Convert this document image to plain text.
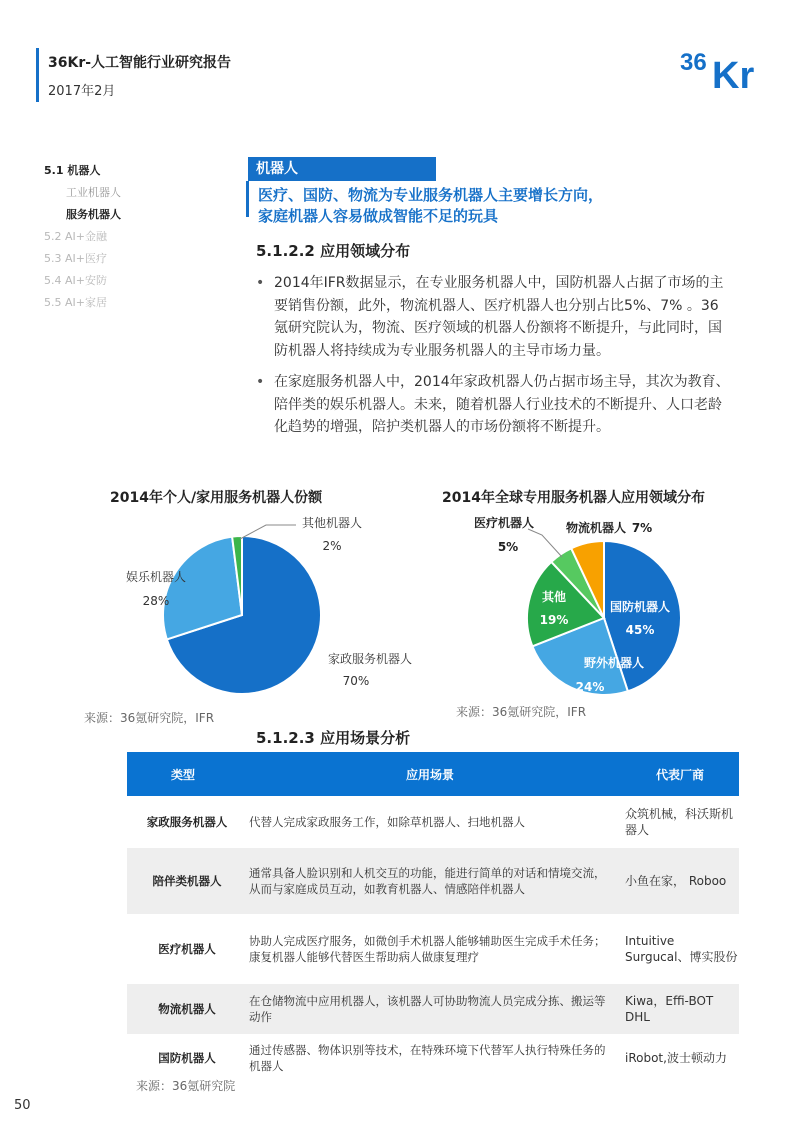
36Kr-人工智能行业研究报告
2017年2月
36 Kr
5.1 机器人
工业机器人
服务机器人
5.2 AI+金融
5.3 AI+医疗
5.4 AI+安防
5.5 AI+家居
机器人
医疗、国防、物流为专业服务机器人主要增长方向，
家庭机器人容易做成智能不足的玩具
5.1.2.2 应用领域分布
• 2014年IFR数据显示，在专业服务机器人中，国防机器人占据了市场的主要销售份额，此外，物流机器人、医疗机器人也分别占比5%、7% 。36氪研究院认为，物流、医疗领域的机器人份额将不断提升，与此同时，国防机器人将持续成为专业服务机器人的主导市场力量。
• 在家庭服务机器人中，2014年家政机器人仍占据市场主导，其次为教育、陪伴类的娱乐机器人。未来，随着机器人行业技术的不断提升、人口老龄化趋势的增强，陪护类机器人的市场份额将不断提升。
2014年个人/家用服务机器人份额
家政服务机器人
70%
娱乐机器人
28%
其他机器人
2%
来源：36氪研究院，IFR
2014年全球专用服务机器人应用领域分布
国防机器人
45%
野外机器人
24%
其他
19%
医疗机器人
5%
物流机器人 7%
来源：36氪研究院，IFR
5.1.2.3 应用场景分析
类型	应用场景	代表厂商
家政服务机器人	代替人完成家政服务工作，如除草机器人、扫地机器人	众筑机械，科沃斯机器人
陪伴类机器人	通常具备人脸识别和人机交互的功能，能进行简单的对话和情境交流，从而与家庭成员互动，如教育机器人、情感陪伴机器人	小鱼在家， Roboo
医疗机器人	协助人完成医疗服务，如微创手术机器人能够辅助医生完成手术任务；康复机器人能够代替医生帮助病人做康复理疗	Intuitive Surgucal、博实股份
物流机器人	在仓储物流中应用机器人，该机器人可协助物流人员完成分拣、搬运等动作	Kiwa，Effi-BOT DHL
国防机器人	通过传感器、物体识别等技术，在特殊环境下代替军人执行特殊任务的机器人	iRobot,波士顿动力
来源：36氪研究院
50
